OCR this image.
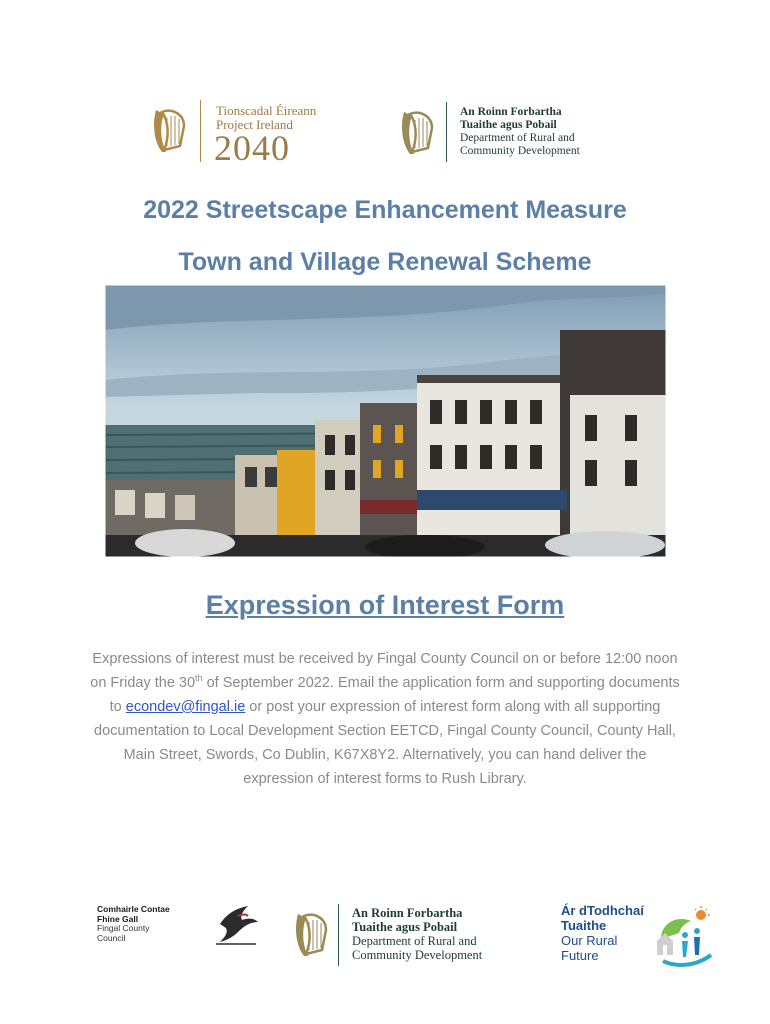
Tionscadal Éireann
Project Ireland
2040
An Roinn Forbartha
Tuaithe agus Pobail
Department of Rural and
Community Development
2022 Streetscape Enhancement Measure
Town and Village Renewal Scheme
Expression of Interest Form
Expressions of interest must be received by Fingal County Council on or before 12:00 noon on Friday the 30th of September 2022. Email the application form and supporting documents to econdev@fingal.ie or post your expression of interest form along with all supporting documentation to Local Development Section EETCD, Fingal County Council, County Hall, Main Street, Swords, Co Dublin, K67X8Y2. Alternatively, you can hand deliver the expression of interest forms to Rush Library.
Comhairle Contae
Fhine Gall
Fingal County
Council
An Roinn Forbartha
Tuaithe agus Pobail
Department of Rural and
Community Development
Ár dTodhchaí
Tuaithe
Our Rural
Future
